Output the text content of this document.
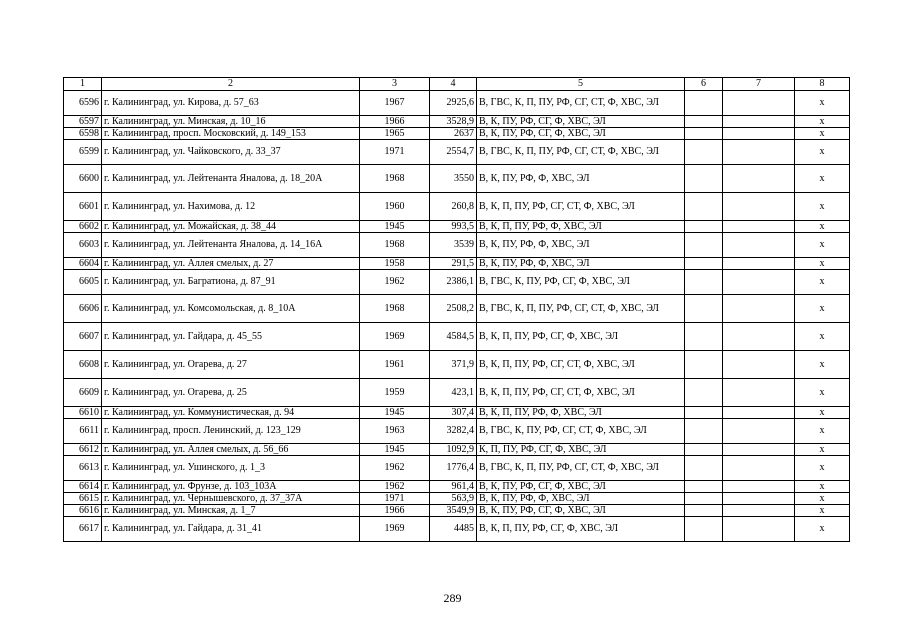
1	2	3	4	5	6	7	8
6596	г. Калининград, ул. Кирова, д. 57_63	1967	2925,6	В, ГВС, К, П, ПУ, РФ, СГ, СТ, Ф, ХВС, ЭЛ			x
6597	г. Калининград, ул. Минская, д. 10_16	1966	3528,9	В, К, ПУ, РФ, СГ, Ф, ХВС, ЭЛ			x
6598	г. Калининград, просп. Московский, д. 149_153	1965	2637	В, К, ПУ, РФ, СГ, Ф, ХВС, ЭЛ			x
6599	г. Калининград, ул. Чайковского, д. 33_37	1971	2554,7	В, ГВС, К, П, ПУ, РФ, СГ, СТ, Ф, ХВС, ЭЛ			x
6600	г. Калининград, ул. Лейтенанта Яналова, д. 18_20А	1968	3550	В, К, ПУ, РФ, Ф, ХВС, ЭЛ			x
6601	г. Калининград, ул. Нахимова, д. 12	1960	260,8	В, К, П, ПУ, РФ, СГ, СТ, Ф, ХВС, ЭЛ			x
6602	г. Калининград, ул. Можайская, д. 38_44	1945	993,5	В, К, П, ПУ, РФ, Ф, ХВС, ЭЛ			x
6603	г. Калининград, ул. Лейтенанта Яналова, д. 14_16А	1968	3539	В, К, ПУ, РФ, Ф, ХВС, ЭЛ			x
6604	г. Калининград, ул. Аллея смелых, д. 27	1958	291,5	В, К, ПУ, РФ, Ф, ХВС, ЭЛ			x
6605	г. Калининград, ул. Багратиона, д. 87_91	1962	2386,1	В, ГВС, К, ПУ, РФ, СГ, Ф, ХВС, ЭЛ			x
6606	г. Калининград, ул. Комсомольская, д. 8_10А	1968	2508,2	В, ГВС, К, П, ПУ, РФ, СГ, СТ, Ф, ХВС, ЭЛ			x
6607	г. Калининград, ул. Гайдара, д. 45_55	1969	4584,5	В, К, П, ПУ, РФ, СГ, Ф, ХВС, ЭЛ			x
6608	г. Калининград, ул. Огарева, д. 27	1961	371,9	В, К, П, ПУ, РФ, СГ, СТ, Ф, ХВС, ЭЛ			x
6609	г. Калининград, ул. Огарева, д. 25	1959	423,1	В, К, П, ПУ, РФ, СГ, СТ, Ф, ХВС, ЭЛ			x
6610	г. Калининград, ул. Коммунистическая, д. 94	1945	307,4	В, К, П, ПУ, РФ, Ф, ХВС, ЭЛ			x
6611	г. Калининград, просп. Ленинский, д. 123_129	1963	3282,4	В, ГВС, К, ПУ, РФ, СГ, СТ, Ф, ХВС, ЭЛ			x
6612	г. Калининград, ул. Аллея смелых, д. 56_66	1945	1092,9	К, П, ПУ, РФ, СГ, Ф, ХВС, ЭЛ			x
6613	г. Калининград, ул. Ушинского, д. 1_3	1962	1776,4	В, ГВС, К, П, ПУ, РФ, СГ, СТ, Ф, ХВС, ЭЛ			x
6614	г. Калининград, ул. Фрунзе, д. 103_103А	1962	961,4	В, К, ПУ, РФ, СГ, Ф, ХВС, ЭЛ			x
6615	г. Калининград, ул. Чернышевского, д. 37_37А	1971	563,9	В, К, ПУ, РФ, Ф, ХВС, ЭЛ			x
6616	г. Калининград, ул. Минская, д. 1_7	1966	3549,9	В, К, ПУ, РФ, СГ, Ф, ХВС, ЭЛ			x
6617	г. Калининград, ул. Гайдара, д. 31_41	1969	4485	В, К, П, ПУ, РФ, СГ, Ф, ХВС, ЭЛ			x
289
